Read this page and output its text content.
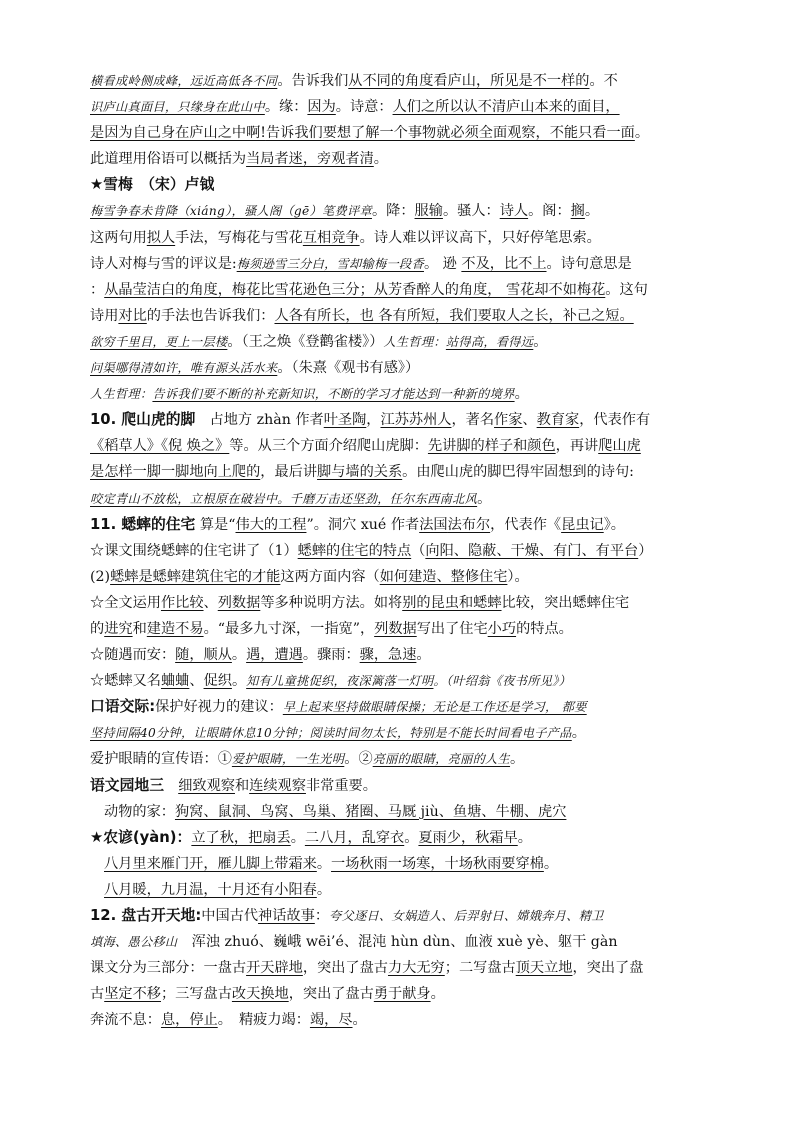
横看成岭侧成峰，远近高低各不同。告诉我们从不同的角度看庐山，所见是不一样的。不
识庐山真面目，只缘身在此山中。缘：因为。诗意：人们之所以认不清庐山本来的面目，
是因为自己身在庐山之中啊!告诉我们要想了解一个事物就必须全面观察，不能只看一面。
此道理用俗语可以概括为当局者迷，旁观者清。
★雪梅　（宋）卢钺
梅雪争春未肯降（xiáng），骚人阁（gē）笔费评章。降：服输。骚人：诗人。阁：搁。
这两句用拟人手法，写梅花与雪花互相竞争。诗人难以评议高下，只好停笔思索。
诗人对梅与雪的评议是:梅须逊雪三分白，雪却输梅一段香。 逊 不及，比不上。诗句意思是
：从晶莹洁白的角度，梅花比雪花逊色三分；从芳香醉人的角度， 雪花却不如梅花。这句
诗用对比的手法也告诉我们：人各有所长，也 各有所短，我们要取人之长，补己之短。
欲穷千里目，更上一层楼。（王之焕《登鹳雀楼》）人生哲理：站得高，看得远。
问渠哪得清如许，唯有源头活水来。（朱熹《观书有感》）
人生哲理：告诉我们要不断的补充新知识，不断的学习才能达到一种新的境界。
10. 爬山虎的脚　占地方 zhàn 作者叶圣陶，江苏苏州人，著名作家、教育家，代表作有
《稻草人》《倪 焕之》等。从三个方面介绍爬山虎脚：先讲脚的样子和颜色，再讲爬山虎
是怎样一脚一脚地向上爬的，最后讲脚与墙的关系。由爬山虎的脚巴得牢固想到的诗句:
咬定青山不放松，立根原在破岩中。千磨万击还坚劲，任尔东西南北风。
11. 蟋蟀的住宅 算是“伟大的工程”。洞穴 xué 作者法国法布尔，代表作《昆虫记》。
☆课文围绕蟋蟀的住宅讲了（1）蟋蟀的住宅的特点（向阳、隐蔽、干燥、有门、有平台）
(2)蟋蟀是蟋蟀建筑住宅的才能这两方面内容（如何建造、整修住宅）。
☆全文运用作比较、列数据等多种说明方法。如将别的昆虫和蟋蟀比较，突出蟋蟀住宅
的进究和建造不易。“最多九寸深，一指宽”，列数据写出了住宅小巧的特点。
☆随遇而安：随，顺从。遇，遭遇。骤雨：骤，急速。
☆蟋蟀又名蛐蛐、促织。知有儿童挑促织，夜深篱落一灯明。（叶绍翁《夜书所见》）
口语交际:保护好视力的建议：早上起来坚持做眼睛保操；无论是工作还是学习， 都要
坚持间隔40分钟，让眼睛休息10分钟；阅读时间勿太长，特别是不能长时间看电子产品。
爱护眼睛的宣传语：①爱护眼睛，一生光明。②亮丽的眼睛，亮丽的人生。
语文园地三　 细致观察和连续观察非常重要。
动物的家：狗窝、鼠洞、鸟窝、鸟巢、猪圈、马厩 jiù、鱼塘、牛棚、虎穴
★农谚(yàn)：立了秋，把扇丢。二八月，乱穿衣。夏雨少，秋霜早。
八月里来雁门开，雁儿脚上带霜来。一场秋雨一场寒，十场秋雨要穿棉。
八月暖，九月温，十月还有小阳春。
12. 盘古开天地:中国古代神话故事：夸父逐日、女娲造人、后羿射日、嫦娥奔月、精卫
填海、愚公移山　浑浊 zhuó、巍峨 wēi’é、混沌 hùn dùn、血液 xuè yè、躯干 gàn
课文分为三部分：一盘古开天辟地，突出了盘古力大无穷；二写盘古顶天立地，突出了盘
古坚定不移；三写盘古改天换地，突出了盘古勇于献身。
奔流不息：息，停止。　精疲力竭：竭，尽。
